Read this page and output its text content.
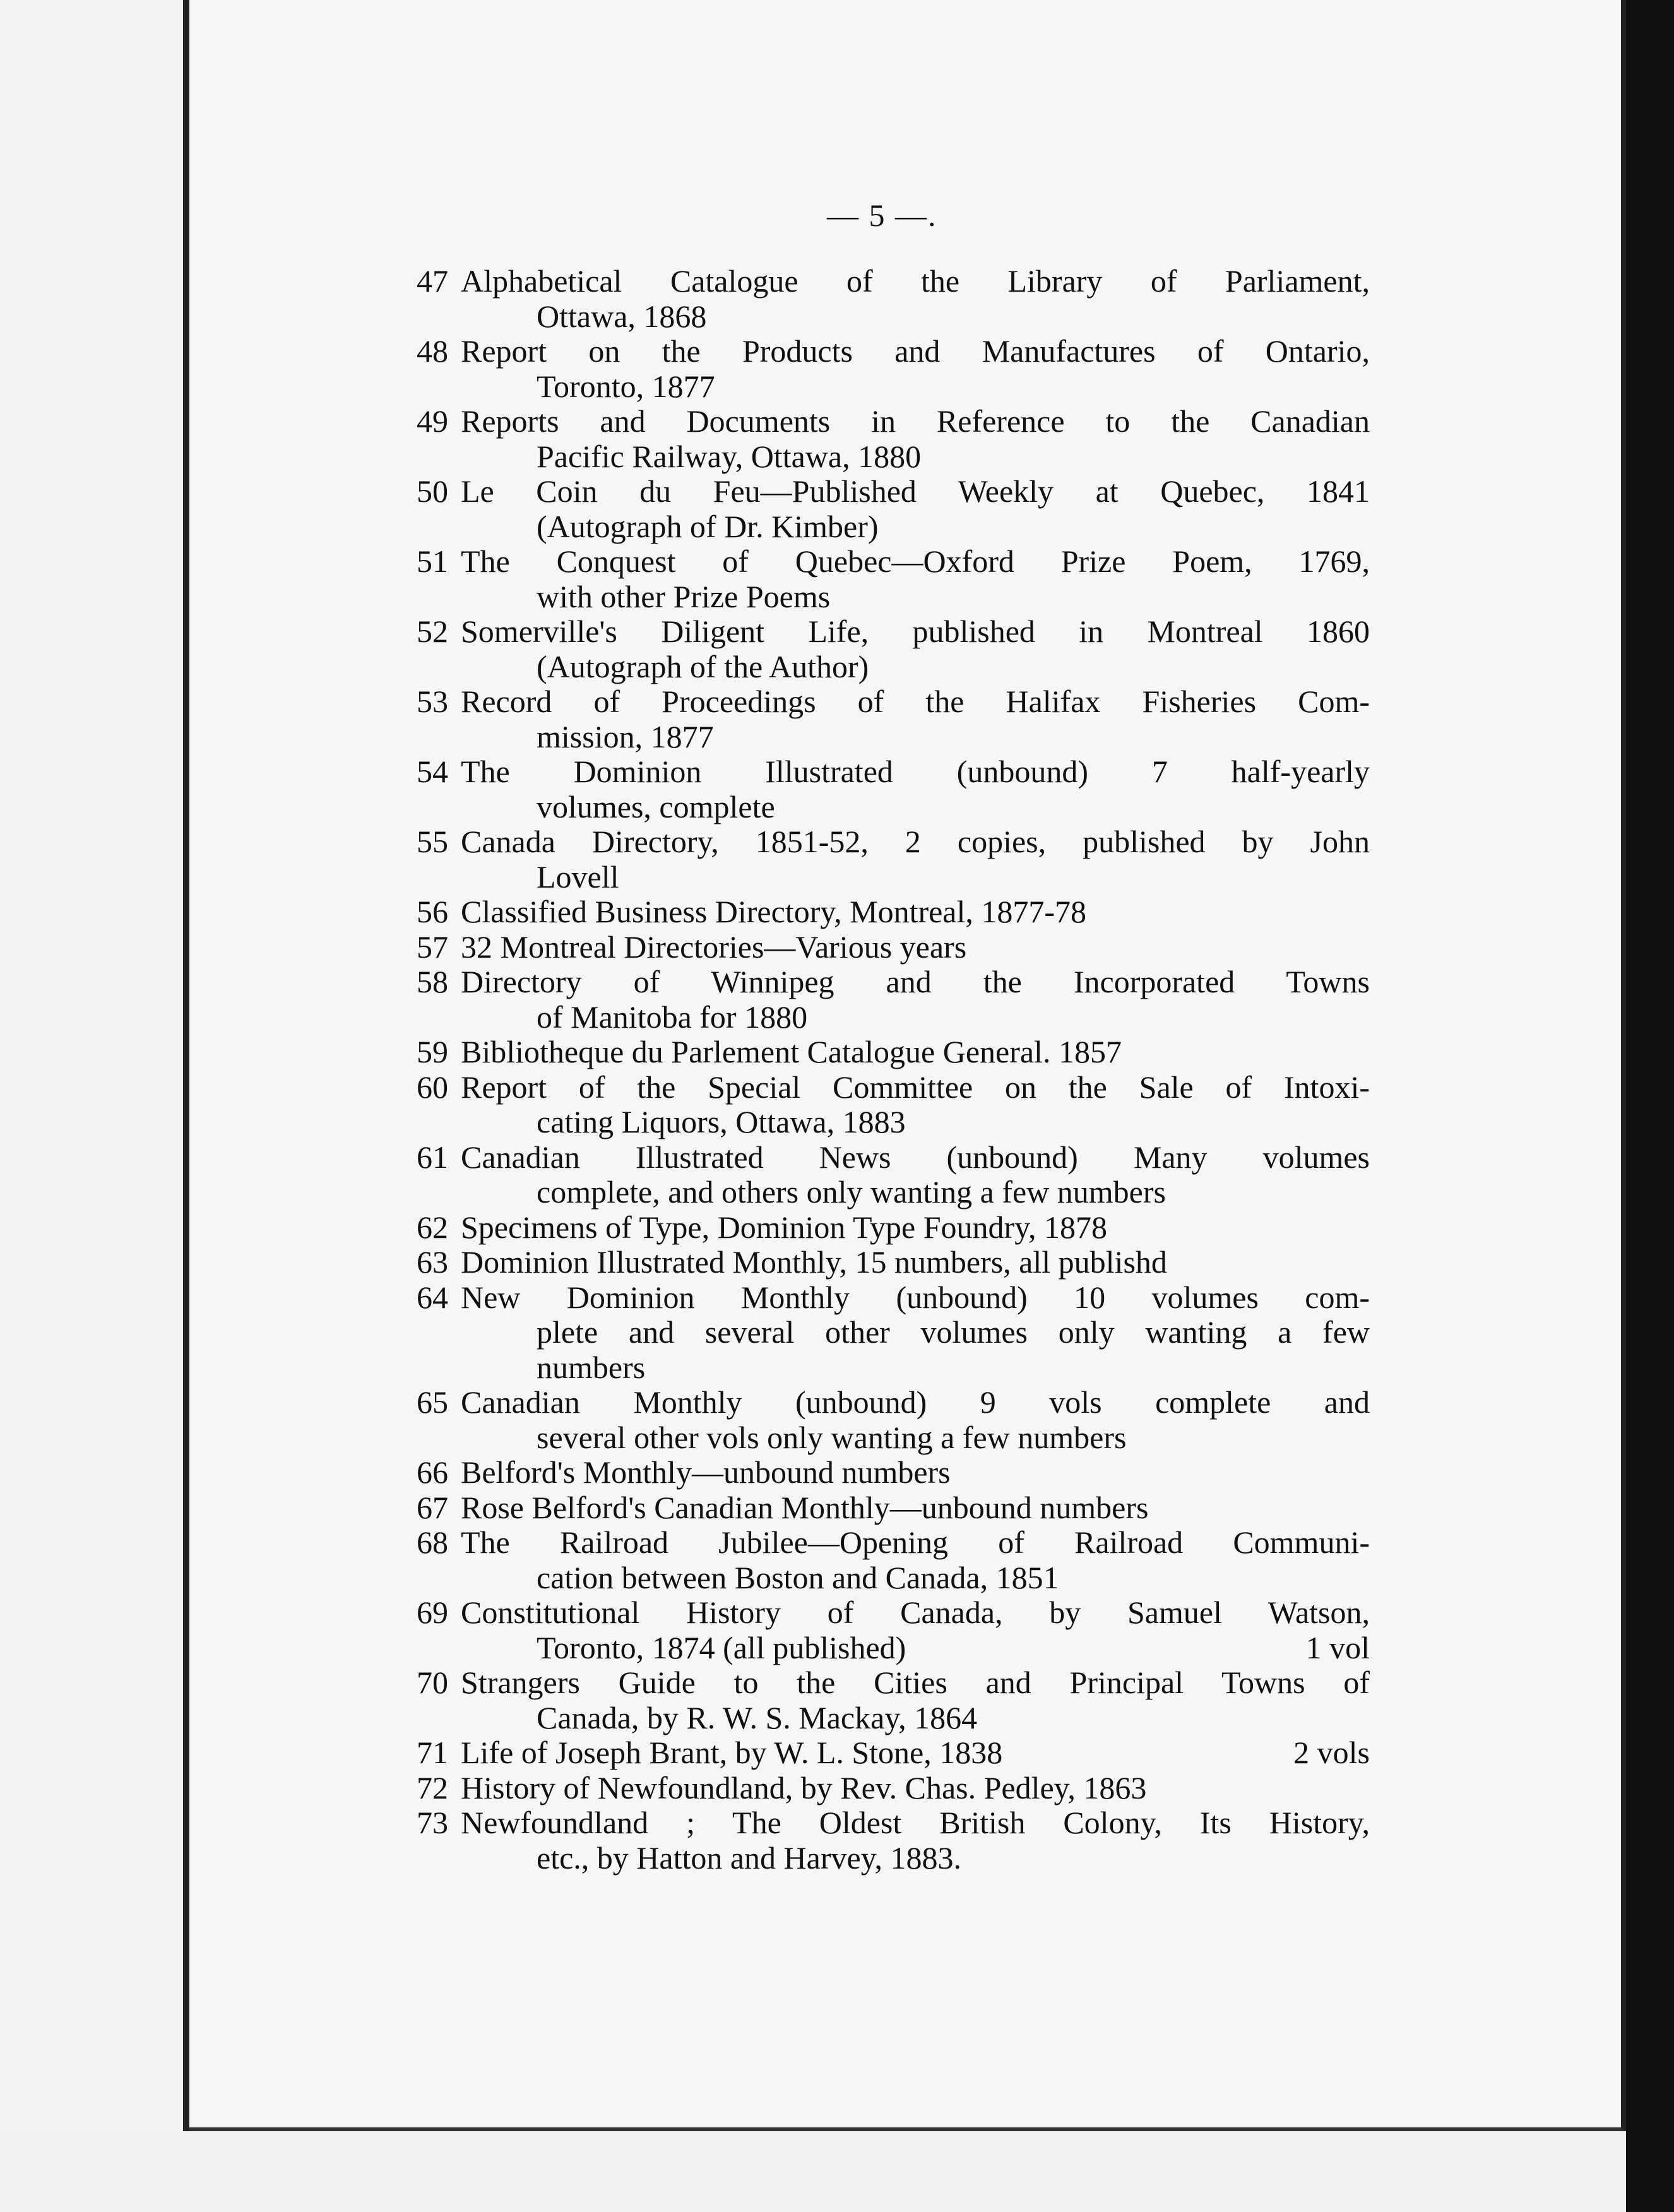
— 5 —.
47 Alphabetical Catalogue of the Library of Parliament,
Ottawa, 1868
48 Report on the Products and Manufactures of Ontario,
Toronto, 1877
49 Reports and Documents in Reference to the Canadian
Pacific Railway, Ottawa, 1880
50 Le Coin du Feu—Published Weekly at Quebec, 1841
(Autograph of Dr. Kimber)
51 The Conquest of Quebec—Oxford Prize Poem, 1769,
with other Prize Poems
52 Somerville's Diligent Life, published in Montreal 1860
(Autograph of the Author)
53 Record of Proceedings of the Halifax Fisheries Com-
mission, 1877
54 The Dominion Illustrated (unbound) 7 half-yearly
volumes, complete
55 Canada Directory, 1851-52, 2 copies, published by John
Lovell
56 Classified Business Directory, Montreal, 1877-78
57 32 Montreal Directories—Various years
58 Directory of Winnipeg and the Incorporated Towns
of Manitoba for 1880
59 Bibliotheque du Parlement Catalogue General. 1857
60 Report of the Special Committee on the Sale of Intoxi-
cating Liquors, Ottawa, 1883
61 Canadian Illustrated News (unbound) Many volumes
complete, and others only wanting a few numbers
62 Specimens of Type, Dominion Type Foundry, 1878
63 Dominion Illustrated Monthly, 15 numbers, all publishd
64 New Dominion Monthly (unbound) 10 volumes com-
plete and several other volumes only wanting a few
numbers
65 Canadian Monthly (unbound) 9 vols complete and
several other vols only wanting a few numbers
66 Belford's Monthly—unbound numbers
67 Rose Belford's Canadian Monthly—unbound numbers
68 The Railroad Jubilee—Opening of Railroad Communi-
cation between Boston and Canada, 1851
69 Constitutional History of Canada, by Samuel Watson,
Toronto, 1874 (all published)	1 vol
70 Strangers Guide to the Cities and Principal Towns of
Canada, by R. W. S. Mackay, 1864
71 Life of Joseph Brant, by W. L. Stone, 1838	2 vols
72 History of Newfoundland, by Rev. Chas. Pedley, 1863
73 Newfoundland ; The Oldest British Colony, Its History,
etc., by Hatton and Harvey, 1883.
